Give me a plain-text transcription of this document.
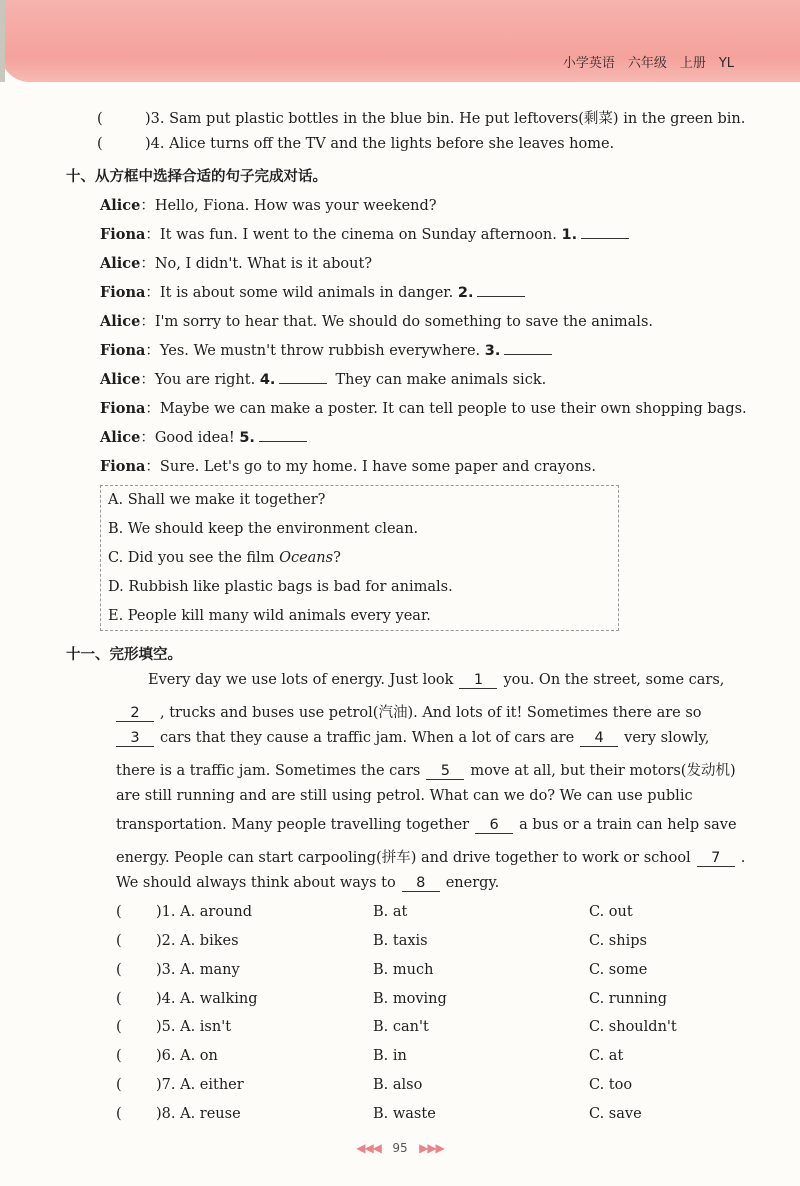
小学英语　六年级　上册　YL
(	)3. Sam put plastic bottles in the blue bin. He put leftovers(剩菜) in the green bin.
(	)4. Alice turns off the TV and the lights before she leaves home.
十、从方框中选择合适的句子完成对话。
Alice：Hello, Fiona. How was your weekend?
Fiona：It was fun. I went to the cinema on Sunday afternoon. 1.
Alice：No, I didn't. What is it about?
Fiona：It is about some wild animals in danger. 2.
Alice：I'm sorry to hear that. We should do something to save the animals.
Fiona：Yes. We mustn't throw rubbish everywhere. 3.
Alice：You are right. 4.	They can make animals sick.
Fiona：Maybe we can make a poster. It can tell people to use their own shopping bags.
Alice：Good idea! 5.
Fiona：Sure. Let's go to my home. I have some paper and crayons.
A. Shall we make it together?
B. We should keep the environment clean.
C. Did you see the film Oceans?
D. Rubbish like plastic bags is bad for animals.
E. People kill many wild animals every year.
十一、完形填空。
Every day we use lots of energy. Just look 1 you. On the street, some cars,
2 , trucks and buses use petrol(汽油). And lots of it! Sometimes there are so
3 cars that they cause a traffic jam. When a lot of cars are 4 very slowly,
there is a traffic jam. Sometimes the cars 5 move at all, but their motors(发动机)
are still running and are still using petrol. What can we do? We can use public
transportation. Many people travelling together 6 a bus or a train can help save
energy. People can start carpooling(拼车) and drive together to work or school 7 .
We should always think about ways to 8 energy.
( )1. A. around	B. at	C. out
( )2. A. bikes	B. taxis	C. ships
( )3. A. many	B. much	C. some
( )4. A. walking	B. moving	C. running
( )5. A. isn't	B. can't	C. shouldn't
( )6. A. on	B. in	C. at
( )7. A. either	B. also	C. too
( )8. A. reuse	B. waste	C. save
◀◀◀ 95 ▶▶▶
